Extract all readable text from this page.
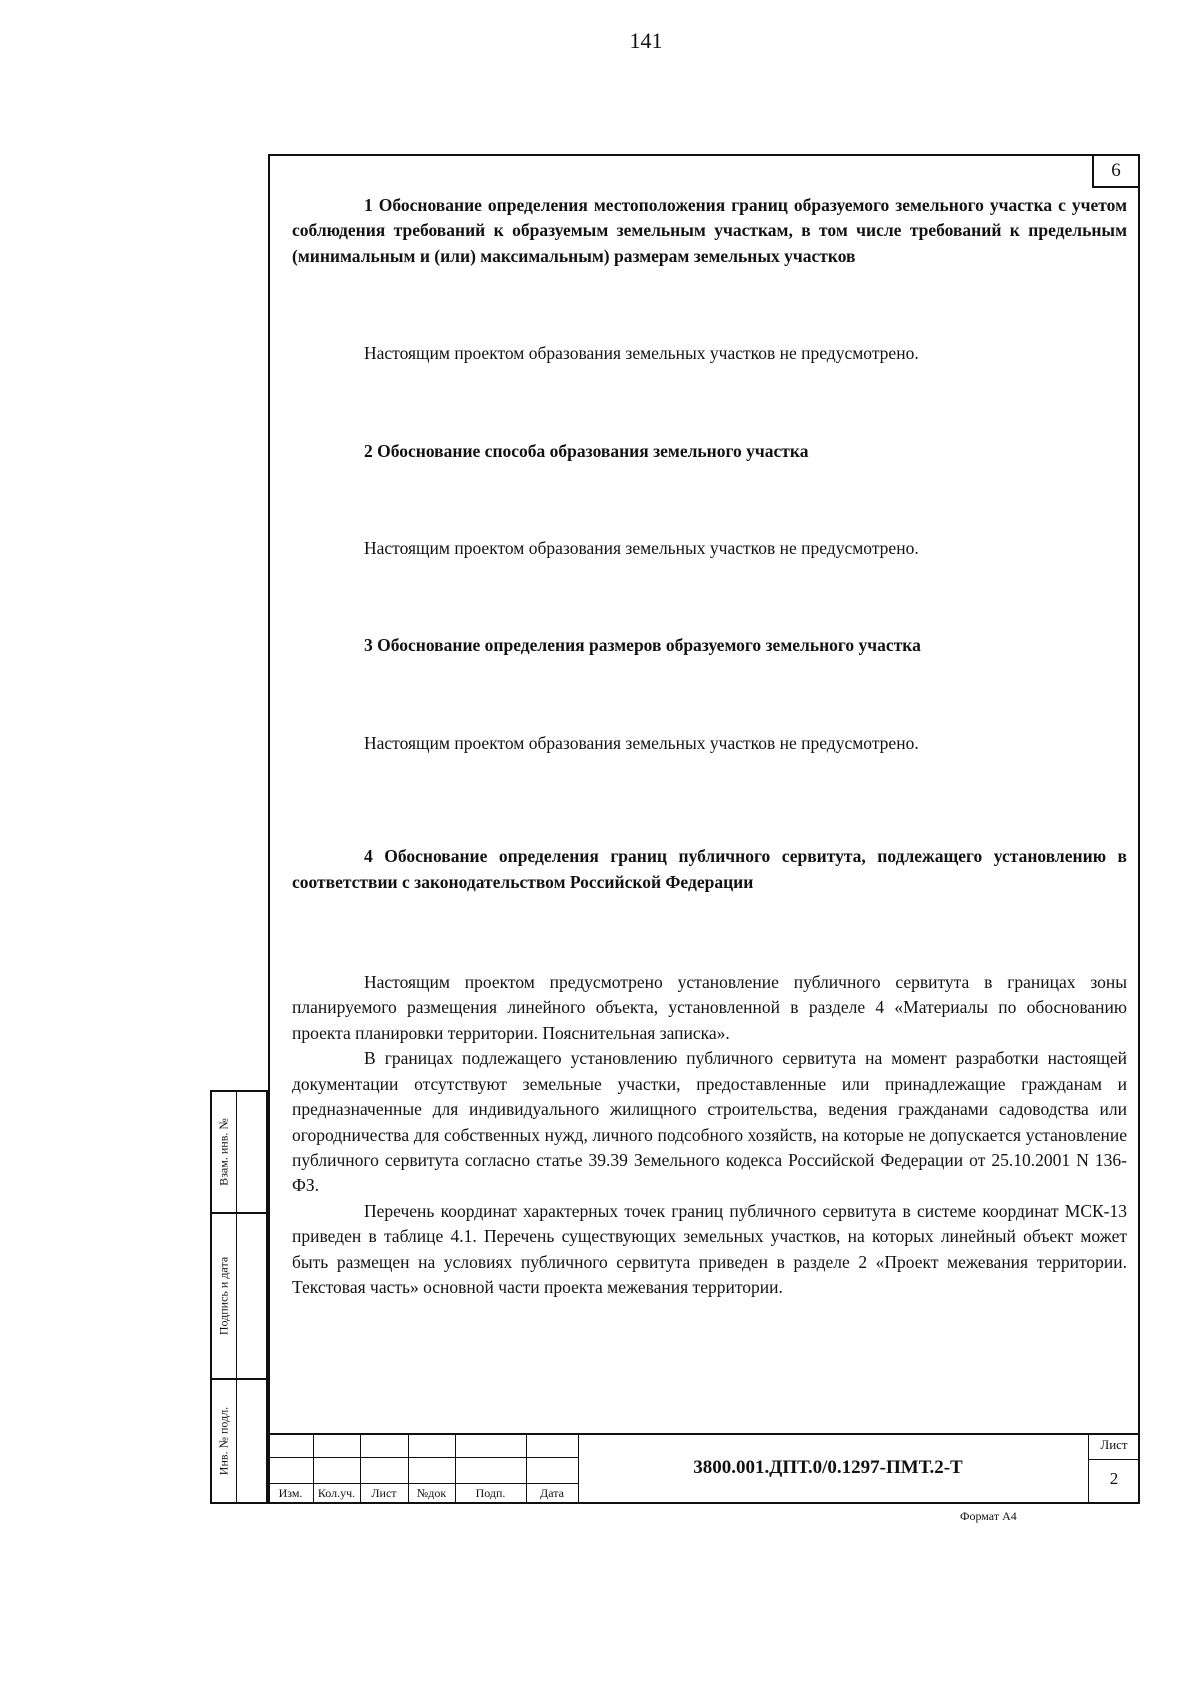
141
6

1 Обоснование определения местоположения границ образуемого земельного участка с учетом соблюдения требований к образуемым земельным участкам, в том числе требований к предельным (минимальным и (или) максимальным) размерам земельных участков

Настоящим проектом образования земельных участков не предусмотрено.

2 Обоснование способа образования земельного участка

Настоящим проектом образования земельных участков не предусмотрено.

3 Обоснование определения размеров образуемого земельного участка

Настоящим проектом образования земельных участков не предусмотрено.

4 Обоснование определения границ публичного сервитута, подлежащего установлению в соответствии с законодательством Российской Федерации

Настоящим проектом предусмотрено установление публичного сервитута в границах зоны планируемого размещения линейного объекта, установленной в разделе 4 «Материалы по обоснованию проекта планировки территории. Пояснительная записка».

В границах подлежащего установлению публичного сервитута на момент разработки настоящей документации отсутствуют земельные участки, предоставленные или принадлежащие гражданам и предназначенные для индивидуального жилищного строительства, ведения гражданами садоводства или огородничества для собственных нужд, личного подсобного хозяйств, на которые не допускается установление публичного сервитута согласно статье 39.39 Земельного кодекса Российской Федерации от 25.10.2001 N 136-ФЗ.

Перечень координат характерных точек границ публичного сервитута в системе координат МСК-13 приведен в таблице 4.1. Перечень существующих земельных участков, на которых линейный объект может быть размещен на условиях публичного сервитута приведен в разделе 2 «Проект межевания территории. Текстовая часть» основной части проекта межевания территории.

Взам. инв. №
Подпись и дата
Инв. № подл.
Изм.	Кол.уч.	Лист	№док	Подп.	Дата
3800.001.ДПТ.0/0.1297-ПМТ.2-Т
Лист
2
Формат А4
